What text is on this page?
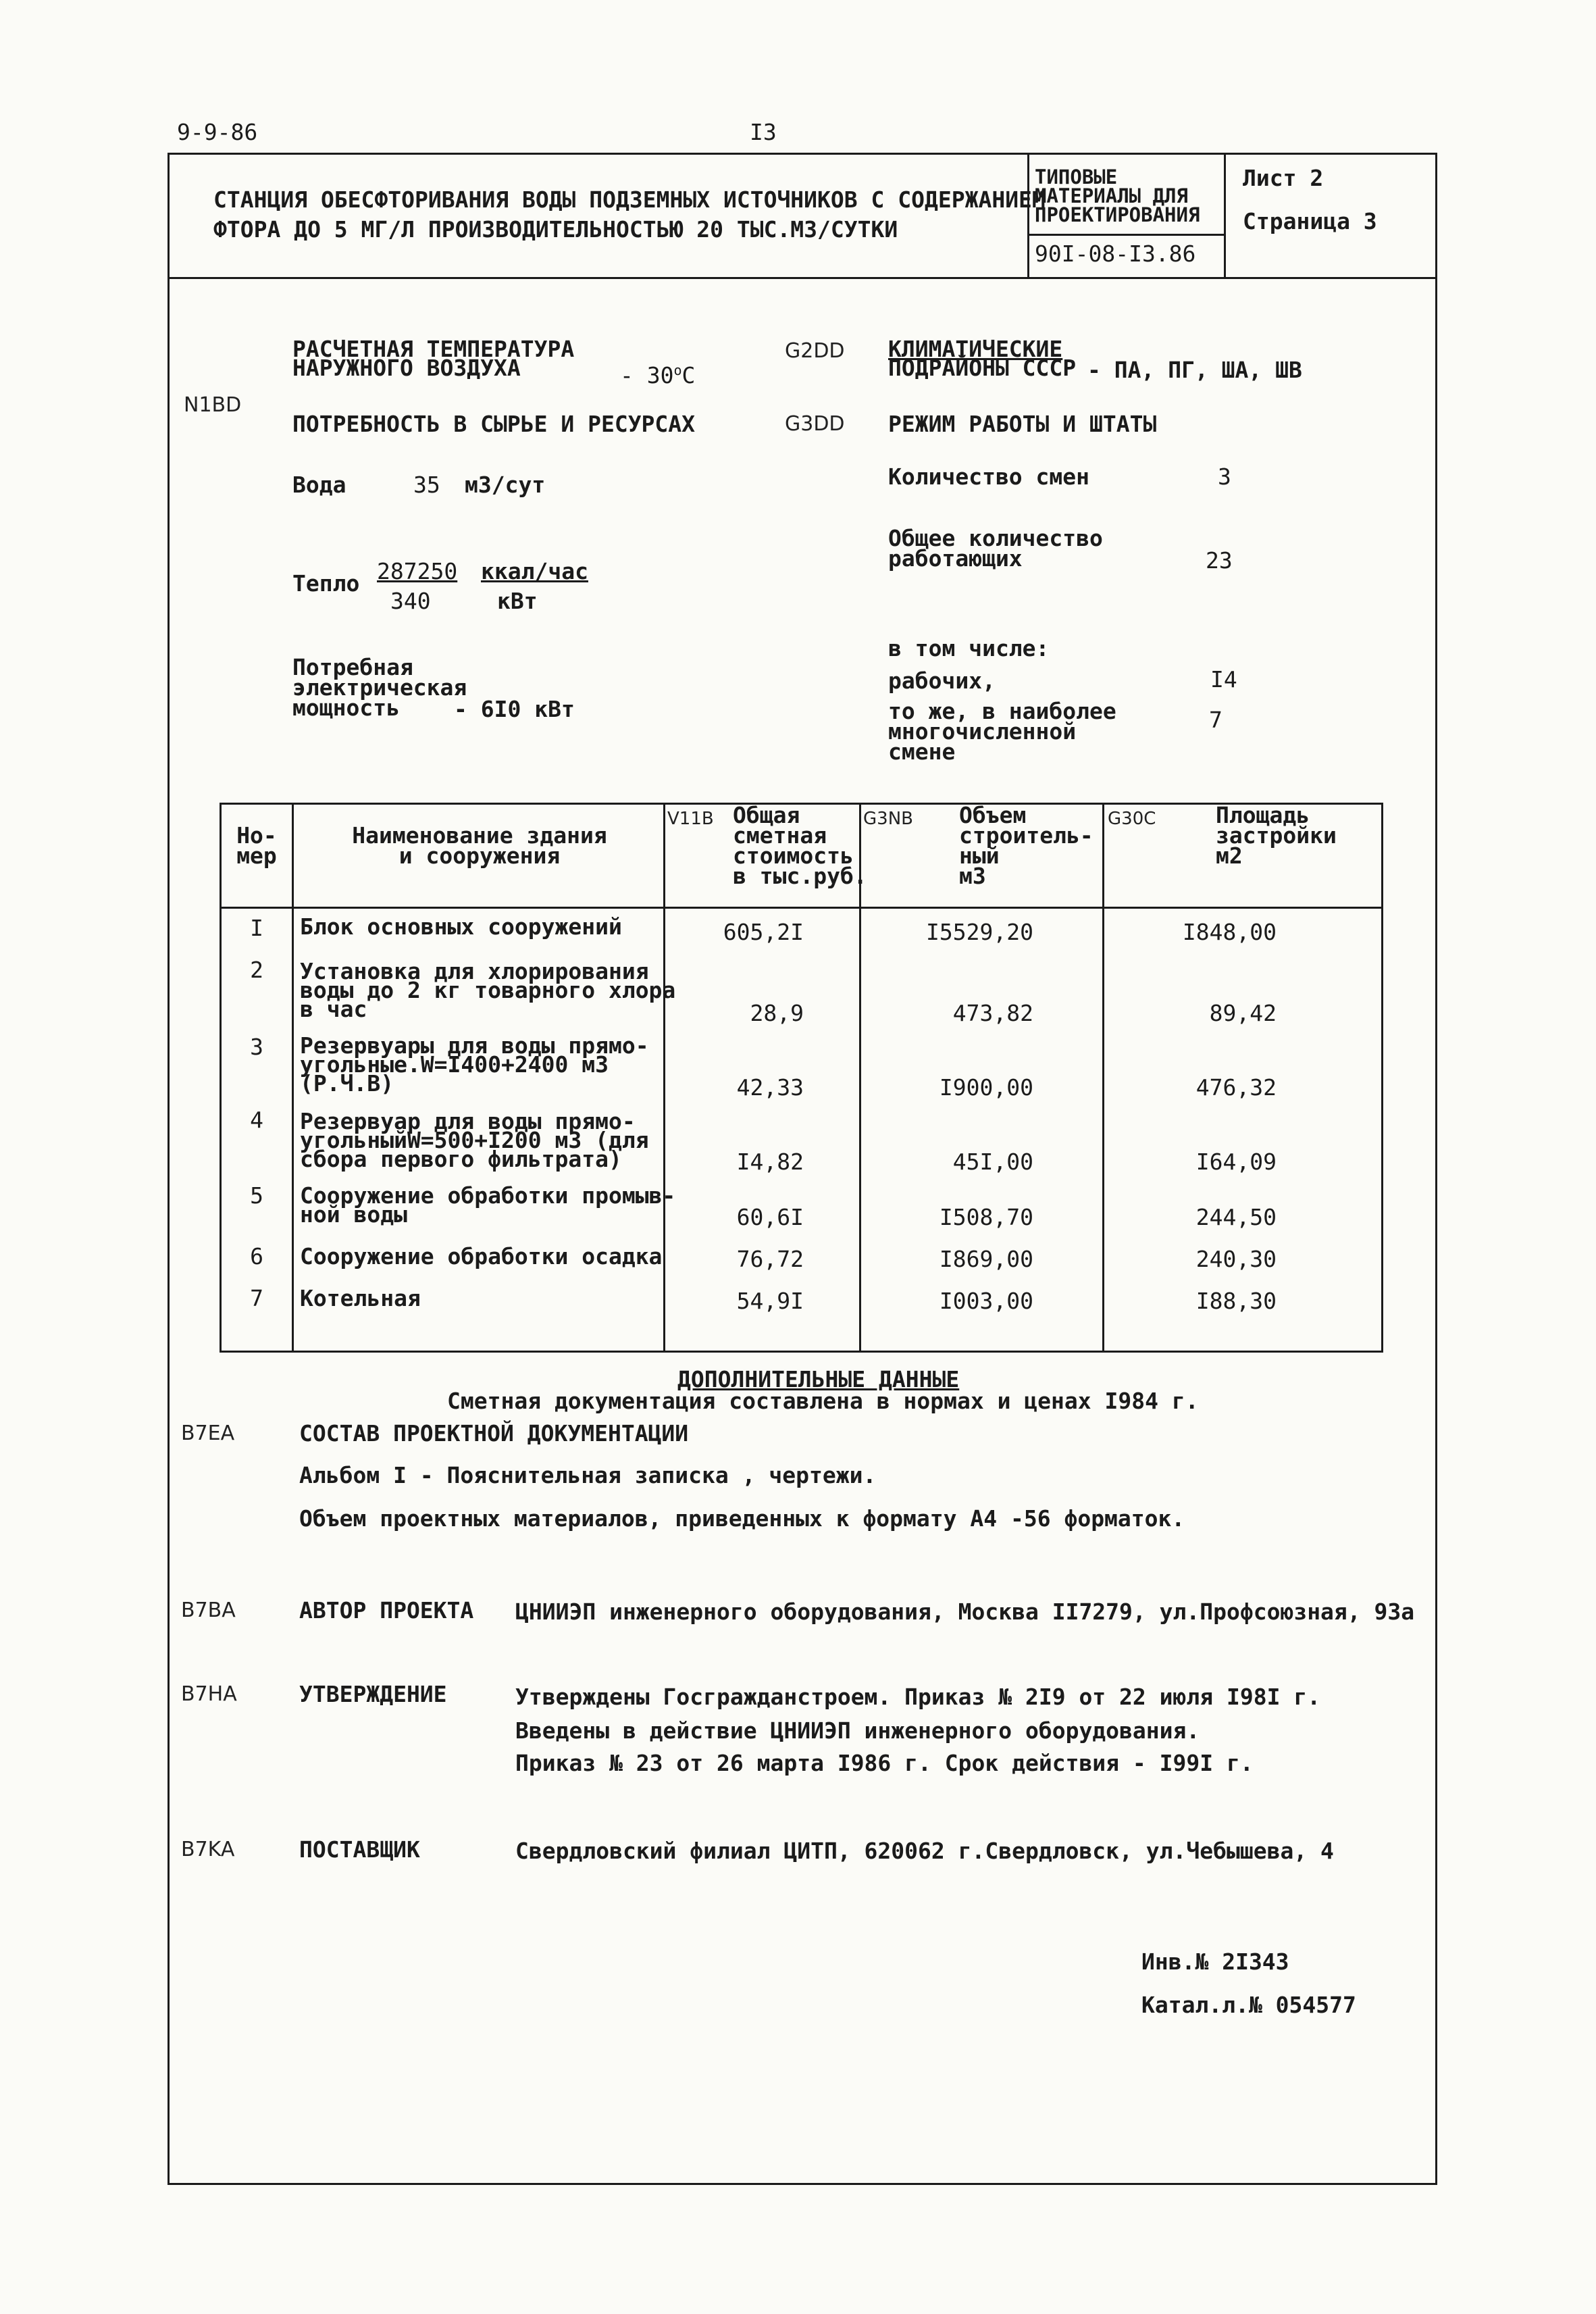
9-9-86	I3
СТАНЦИЯ ОБЕСФТОРИВАНИЯ ВОДЫ ПОДЗЕМНЫХ ИСТОЧНИКОВ С СОДЕРЖАНИЕМ
ФТОРА ДО 5 МГ/Л ПРОИЗВОДИТЕЛЬНОСТЬЮ 20 ТЫС.М3/СУТКИ
ТИПОВЫЕ
МАТЕРИАЛЫ ДЛЯ
ПРОЕКТИРОВАНИЯ
90I-08-I3.86
Лист 2
Страница 3
N1BD
РАСЧЕТНАЯ ТЕМПЕРАТУРА
НАРУЖНОГО ВОЗДУХА	- $30^оС$
ПОТРЕБНОСТЬ В СЫРЬЕ И РЕСУРСАХ
Вода	35 м3/сут
Тепло 287250 ккал/час
340	кВт
Потребная
электрическая
мощность - 6I0 кВт
G2DD
G3DD
КЛИМАТИЧЕСКИЕ
ПОДРАЙОНЫ СССР - ПА, ПГ, ША, ШВ
РЕЖИМ РАБОТЫ И ШТАТЫ
Количество смен	3
Общее количество
работающих	23
в том числе:
рабочих,	I4
то же, в наиболее
многочисленной
смене
7
V11B	G3NB	G30C
Но-
мер
Наименование здания
и сооружения
Общая
сметная
стоимость
в тыс.руб.
Объем
строитель-
ный
м3
Площадь
застройки
м2
I	Блок основных сооружений	605,2I	I5529,20	I848,00
2	Установка для хлорирования
воды до 2 кг товарного хлора
в час	28,9	473,82	89,42
3	Резервуары для воды прямо-
угольные.W=I400+2400 м3
(Р.Ч.В)	42,33	I900,00	476,32
4	Резервуар для воды прямо-
угольныйW=500+I200 м3 (для
сбора первого фильтрата)	I4,82	45I,00	I64,09
5	Сооружение обработки промыв-
ной воды	60,6I	I508,70	244,50
6	Сооружение обработки осадка	76,72	I869,00	240,30
7	Котельная	54,9I	I003,00	I88,30
ДОПОЛНИТЕЛЬНЫЕ ДАННЫЕ
Сметная документация составлена в нормах и ценах I984 г.
B7EA	СОСТАВ ПРОЕКТНОЙ ДОКУМЕНТАЦИИ
Альбом I - Пояснительная записка , чертежи.
Объем проектных материалов, приведенных к формату А4 -56 форматок.
B7BA	АВТОР ПРОЕКТА ЦНИИЭП инженерного оборудования, Москва II7279, ул.Профсоюзная, 93а
B7HA	УТВЕРЖДЕНИЕ	Утверждены Госгражданстроем. Приказ № 2I9 от 22 июля I98I г.
Введены в действие ЦНИИЭП инженерного оборудования.
Приказ № 23 от 26 марта I986 г. Срок действия - I99I г.
B7KA	ПОСТАВЩИК	Свердловский филиал ЦИТП, 620062 г.Свердловск, ул.Чебышева, 4
Инв.№ 2I343
Катал.л.№ 054577
